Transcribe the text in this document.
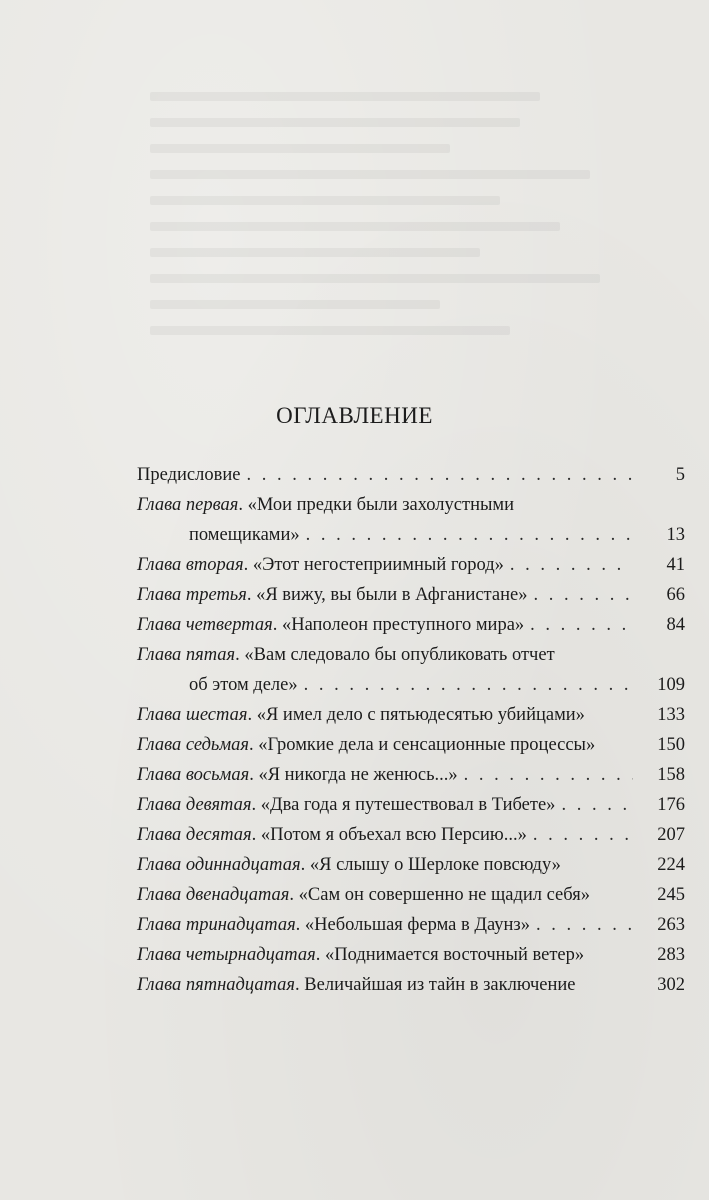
ОГЛАВЛЕНИЕ
Предисловие . . .	5
Глава первая. «Мои предки были захолустными
помещиками» . . .	13
Глава вторая. «Этот негостеприимный город» . . .	41
Глава третья. «Я вижу, вы были в Афганистане» . . .	66
Глава четвертая. «Наполеон преступного мира» . . .	84
Глава пятая. «Вам следовало бы опубликовать отчет
об этом деле» . . .	109
Глава шестая. «Я имел дело с пятьюдесятью убийцами»	133
Глава седьмая. «Громкие дела и сенсационные процессы»	150
Глава восьмая. «Я никогда не женюсь...» . . .	158
Глава девятая. «Два года я путешествовал в Тибете» . . .	176
Глава десятая. «Потом я объехал всю Персию...» . . .	207
Глава одиннадцатая. «Я слышу о Шерлоке повсюду»	224
Глава двенадцатая. «Сам он совершенно не щадил себя»	245
Глава тринадцатая. «Небольшая ферма в Даунз» . . .	263
Глава четырнадцатая. «Поднимается восточный ветер»	283
Глава пятнадцатая. Величайшая из тайн в заключение	302
